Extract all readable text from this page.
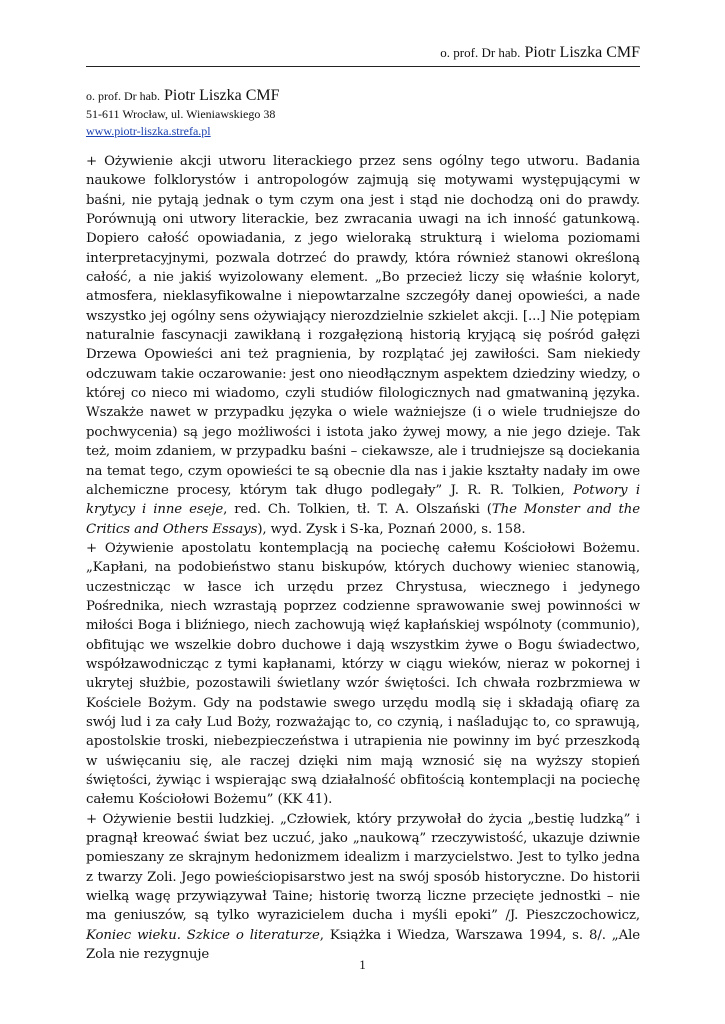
o. prof. Dr hab. Piotr Liszka CMF
o. prof. Dr hab. Piotr Liszka CMF
51-611 Wrocław, ul. Wieniawskiego 38
www.piotr-liszka.strefa.pl

+ Ożywienie akcji utworu literackiego przez sens ogólny tego utworu. Badania naukowe folklorystów i antropologów zajmują się motywami występującymi w baśni, nie pytają jednak o tym czym ona jest i stąd nie dochodzą oni do prawdy. Porównują oni utwory literackie, bez zwracania uwagi na ich inność gatunkową. Dopiero całość opowiadania, z jego wieloraką strukturą i wieloma poziomami interpretacyjnymi, pozwala dotrzeć do prawdy, która również stanowi określoną całość, a nie jakiś wyizolowany element. „Bo przecież liczy się właśnie koloryt, atmosfera, nieklasyfikowalne i niepowtarzalne szczegóły danej opowieści, a nade wszystko jej ogólny sens ożywiający nierozdzielnie szkielet akcji. [...] Nie potępiam naturalnie fascynacji zawikłaną i rozgałęzioną historią kryjącą się pośród gałęzi Drzewa Opowieści ani też pragnienia, by rozplątać jej zawiłości. Sam niekiedy odczuwam takie oczarowanie: jest ono nieodłącznym aspektem dziedziny wiedzy, o której co nieco mi wiadomo, czyli studiów filologicznych nad gmatwaniną języka. Wszakże nawet w przypadku języka o wiele ważniejsze (i o wiele trudniejsze do pochwycenia) są jego możliwości i istota jako żywej mowy, a nie jego dzieje. Tak też, moim zdaniem, w przypadku baśni – ciekawsze, ale i trudniejsze są dociekania na temat tego, czym opowieści te są obecnie dla nas i jakie kształty nadały im owe alchemiczne procesy, którym tak długo podlegały” J. R. R. Tolkien, Potwory i krytycy i inne eseje, red. Ch. Tolkien, tł. T. A. Olszański (The Monster and the Critics and Others Essays), wyd. Zysk i S-ka, Poznań 2000, s. 158.

+ Ożywienie apostolatu kontemplacją na pociechę całemu Kościołowi Bożemu. „Kapłani, na podobieństwo stanu biskupów, których duchowy wieniec stanowią, uczestnicząc w łasce ich urzędu przez Chrystusa, wiecznego i jedynego Pośrednika, niech wzrastają poprzez codzienne sprawowanie swej powinności w miłości Boga i bliźniego, niech zachowują więź kapłańskiej wspólnoty (communio), obfitując we wszelkie dobro duchowe i dają wszystkim żywe o Bogu świadectwo, współzawodnicząc z tymi kapłanami, którzy w ciągu wieków, nieraz w pokornej i ukrytej służbie, pozostawili świetlany wzór świętości. Ich chwała rozbrzmiewa w Kościele Bożym. Gdy na podstawie swego urzędu modlą się i składają ofiarę za swój lud i za cały Lud Boży, rozważając to, co czynią, i naśladując to, co sprawują, apostolskie troski, niebezpieczeństwa i utrapienia nie powinny im być przeszkodą w uświęcaniu się, ale raczej dzięki nim mają wznosić się na wyższy stopień świętości, żywiąc i wspierając swą działalność obfitością kontemplacji na pociechę całemu Kościołowi Bożemu” (KK 41).

+ Ożywienie bestii ludzkiej. „Człowiek, który przywołał do życia „bestię ludzką” i pragnął kreować świat bez uczuć, jako „naukową” rzeczywistość, ukazuje dziwnie pomieszany ze skrajnym hedonizmem idealizm i marzycielstwo. Jest to tylko jedna z twarzy Zoli. Jego powieściopisarstwo jest na swój sposób historyczne. Do historii wielką wagę przywiązywał Taine; historię tworzą liczne przecięte jednostki – nie ma geniuszów, są tylko wyrazicielem ducha i myśli epoki” /J. Pieszczochowicz, Koniec wieku. Szkice o literaturze, Książka i Wiedza, Warszawa 1994, s. 8/. „Ale Zola nie rezygnuje

1
